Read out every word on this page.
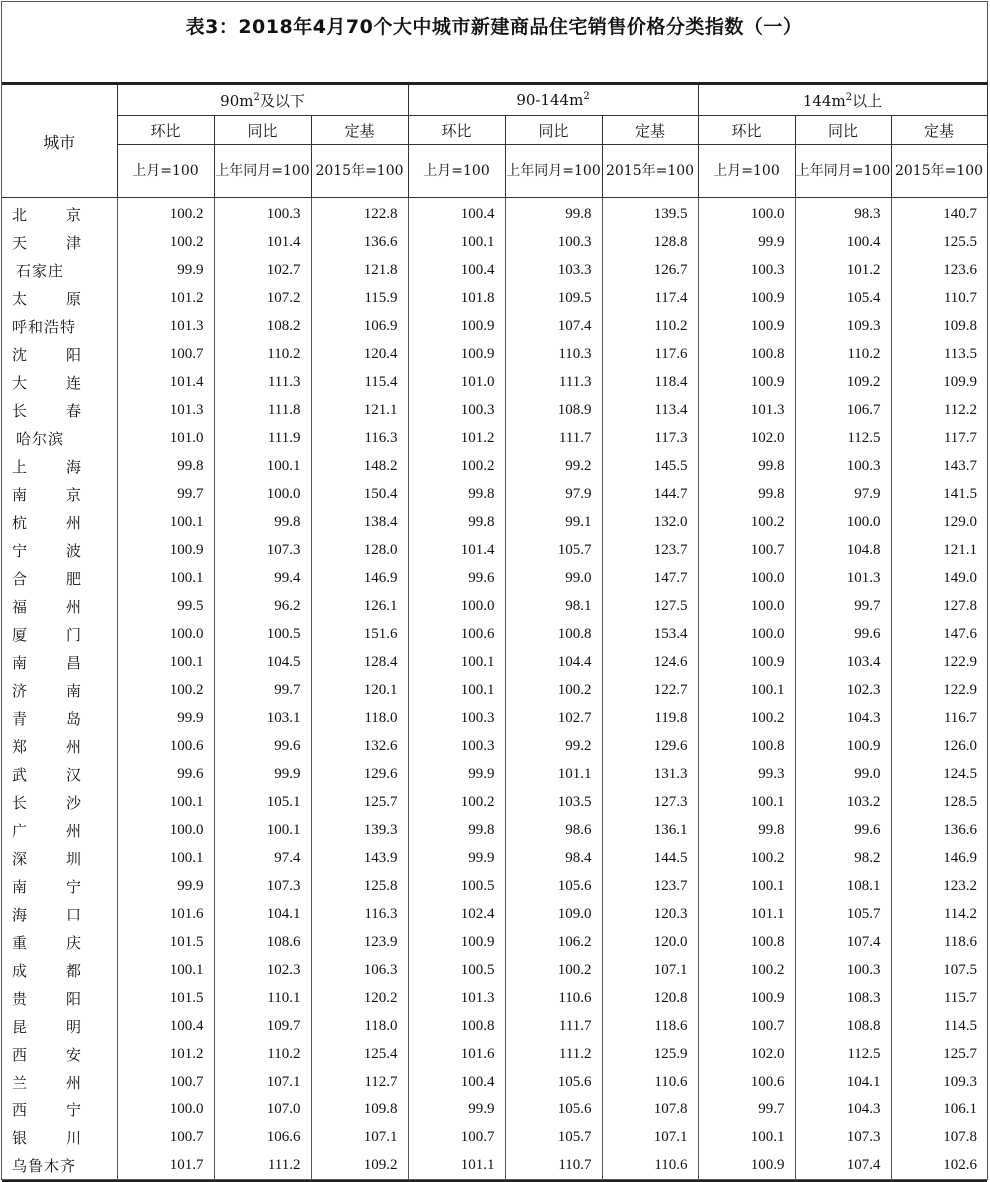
表3：2018年4月70个大中城市新建商品住宅销售价格分类指数（一）
城市	$90m^2$及以下			$90-144m^2$			$144m^2$以上		
	环比	同比	定基	环比	同比	定基	环比	同比	定基
	上月=100	上年同月=100	2015年=100	上月=100	上年同月=100	2015年=100	上月=100	上年同月=100	2015年=100

北 京	100.2	100.3	122.8	100.4	99.8	139.5	100.0	98.3	140.7

天 津	100.2	101.4	136.6	100.1	100.3	128.8	99.9	100.4	125.5
石家庄	99.9	102.7	121.8	100.4	103.3	126.7	100.3	101.2	123.6

太 原	101.2	107.2	115.9	101.8	109.5	117.4	100.9	105.4	110.7
呼和浩特	101.3	108.2	106.9	100.9	107.4	110.2	100.9	109.3	109.8

沈 阳	100.7	110.2	120.4	100.9	110.3	117.6	100.8	110.2	113.5

大 连	101.4	111.3	115.4	101.0	111.3	118.4	100.9	109.2	109.9

长 春	101.3	111.8	121.1	100.3	108.9	113.4	101.3	106.7	112.2
哈尔滨	101.0	111.9	116.3	101.2	111.7	117.3	102.0	112.5	117.7

上 海	99.8	100.1	148.2	100.2	99.2	145.5	99.8	100.3	143.7

南 京	99.7	100.0	150.4	99.8	97.9	144.7	99.8	97.9	141.5

杭 州	100.1	99.8	138.4	99.8	99.1	132.0	100.2	100.0	129.0

宁 波	100.9	107.3	128.0	101.4	105.7	123.7	100.7	104.8	121.1

合 肥	100.1	99.4	146.9	99.6	99.0	147.7	100.0	101.3	149.0

福 州	99.5	96.2	126.1	100.0	98.1	127.5	100.0	99.7	127.8

厦 门	100.0	100.5	151.6	100.6	100.8	153.4	100.0	99.6	147.6

南 昌	100.1	104.5	128.4	100.1	104.4	124.6	100.9	103.4	122.9

济 南	100.2	99.7	120.1	100.1	100.2	122.7	100.1	102.3	122.9

青 岛	99.9	103.1	118.0	100.3	102.7	119.8	100.2	104.3	116.7

郑 州	100.6	99.6	132.6	100.3	99.2	129.6	100.8	100.9	126.0

武 汉	99.6	99.9	129.6	99.9	101.1	131.3	99.3	99.0	124.5

长 沙	100.1	105.1	125.7	100.2	103.5	127.3	100.1	103.2	128.5

广 州	100.0	100.1	139.3	99.8	98.6	136.1	99.8	99.6	136.6

深 圳	100.1	97.4	143.9	99.9	98.4	144.5	100.2	98.2	146.9

南 宁	99.9	107.3	125.8	100.5	105.6	123.7	100.1	108.1	123.2

海 口	101.6	104.1	116.3	102.4	109.0	120.3	101.1	105.7	114.2

重 庆	101.5	108.6	123.9	100.9	106.2	120.0	100.8	107.4	118.6

成 都	100.1	102.3	106.3	100.5	100.2	107.1	100.2	100.3	107.5

贵 阳	101.5	110.1	120.2	101.3	110.6	120.8	100.9	108.3	115.7

昆 明	100.4	109.7	118.0	100.8	111.7	118.6	100.7	108.8	114.5

西 安	101.2	110.2	125.4	101.6	111.2	125.9	102.0	112.5	125.7

兰 州	100.7	107.1	112.7	100.4	105.6	110.6	100.6	104.1	109.3

西 宁	100.0	107.0	109.8	99.9	105.6	107.8	99.7	104.3	106.1

银 川	100.7	106.6	107.1	100.7	105.7	107.1	100.1	107.3	107.8
乌鲁木齐	101.7	111.2	109.2	101.1	110.7	110.6	100.9	107.4	102.6
